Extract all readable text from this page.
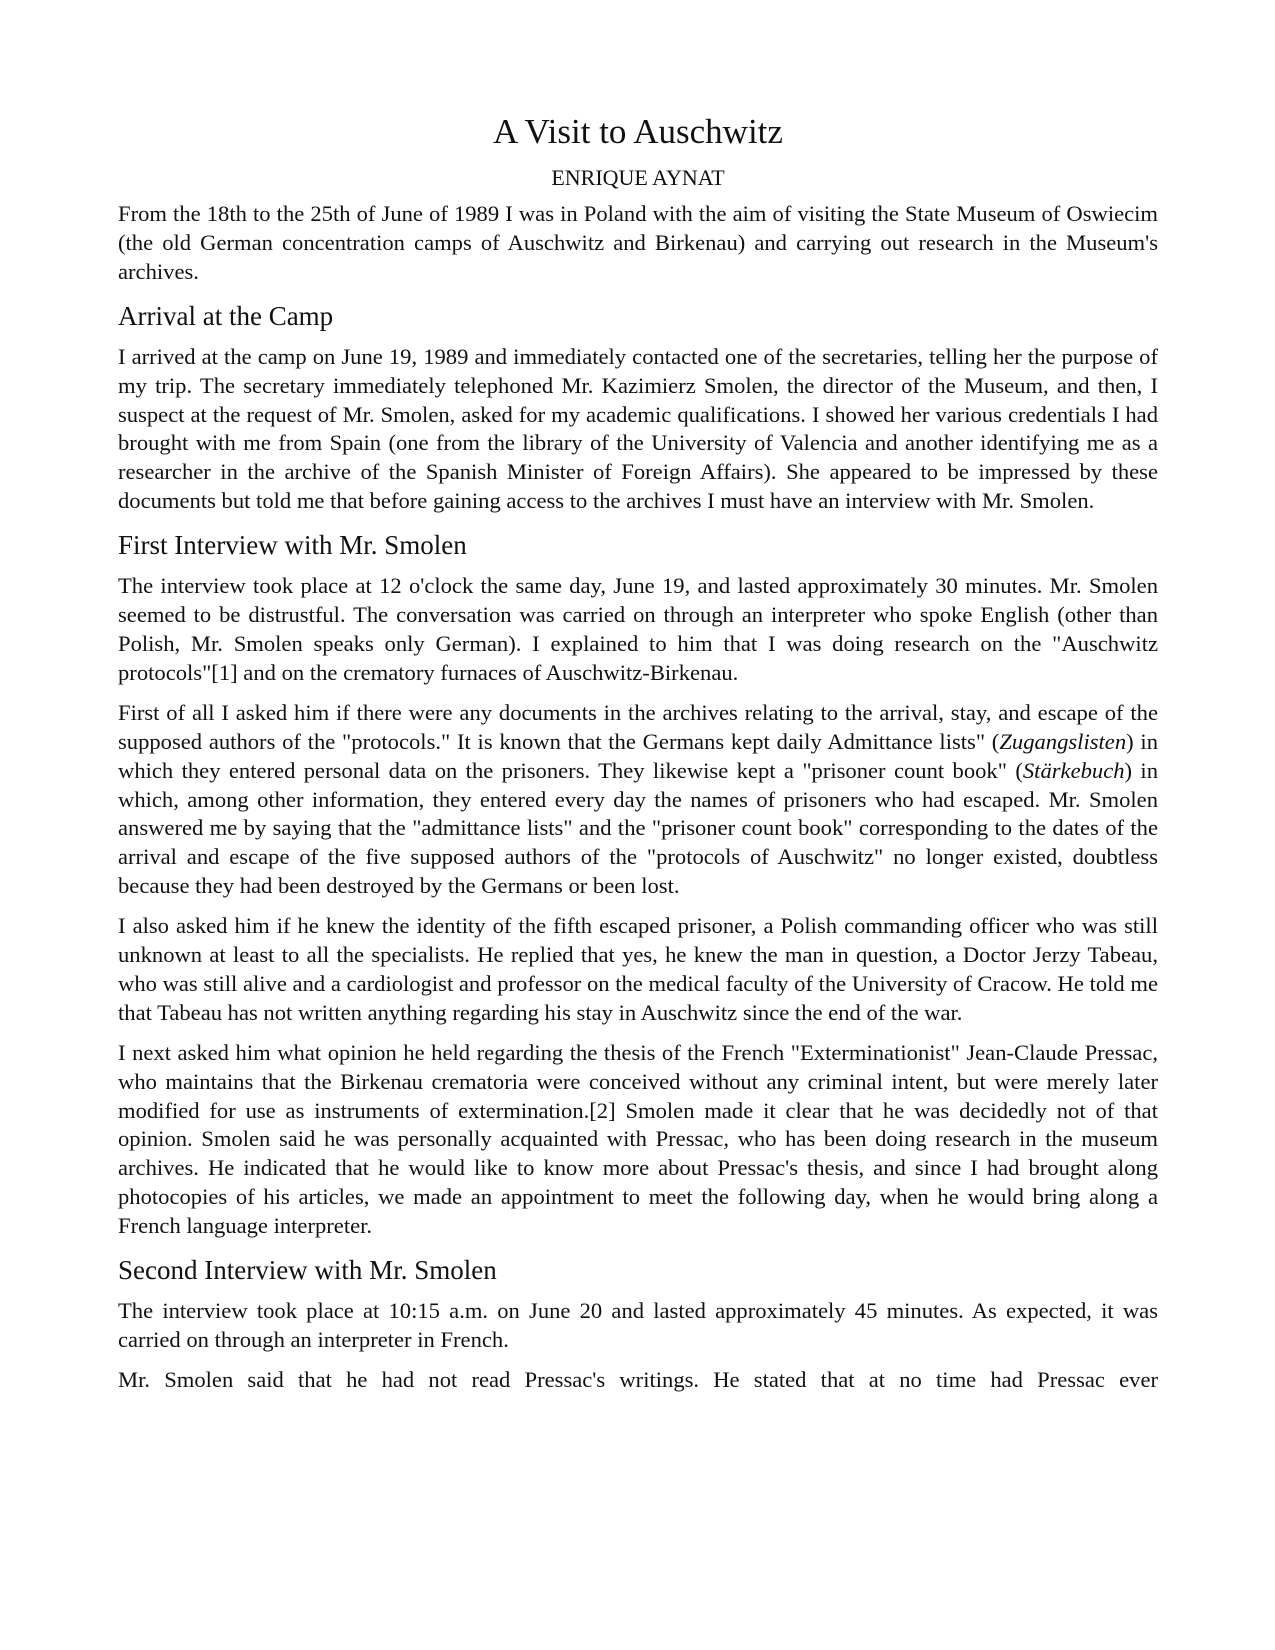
A Visit to Auschwitz
ENRIQUE AYNAT

From the 18th to the 25th of June of 1989 I was in Poland with the aim of visiting the State Museum of Oswiecim (the old German concentration camps of Auschwitz and Birkenau) and carrying out research in the Museum's archives.

Arrival at the Camp

I arrived at the camp on June 19, 1989 and immediately contacted one of the secretaries, telling her the purpose of my trip. The secretary immediately telephoned Mr. Kazimierz Smolen, the director of the Museum, and then, I suspect at the request of Mr. Smolen, asked for my academic qualifications. I showed her various credentials I had brought with me from Spain (one from the library of the University of Valencia and another identifying me as a researcher in the archive of the Spanish Minister of Foreign Affairs). She appeared to be impressed by these documents but told me that before gaining access to the archives I must have an interview with Mr. Smolen.

First Interview with Mr. Smolen

The interview took place at 12 o'clock the same day, June 19, and lasted approximately 30 minutes. Mr. Smolen seemed to be distrustful. The conversation was carried on through an interpreter who spoke English (other than Polish, Mr. Smolen speaks only German). I explained to him that I was doing research on the "Auschwitz protocols"[1] and on the crematory furnaces of Auschwitz-Birkenau.

First of all I asked him if there were any documents in the archives relating to the arrival, stay, and escape of the supposed authors of the "protocols." It is known that the Germans kept daily Admittance lists" (Zugangslisten) in which they entered personal data on the prisoners. They likewise kept a "prisoner count book" (Stärkebuch) in which, among other information, they entered every day the names of prisoners who had escaped. Mr. Smolen answered me by saying that the "admittance lists" and the "prisoner count book" corresponding to the dates of the arrival and escape of the five supposed authors of the "protocols of Auschwitz" no longer existed, doubtless because they had been destroyed by the Germans or been lost.

I also asked him if he knew the identity of the fifth escaped prisoner, a Polish commanding officer who was still unknown at least to all the specialists. He replied that yes, he knew the man in question, a Doctor Jerzy Tabeau, who was still alive and a cardiologist and professor on the medical faculty of the University of Cracow. He told me that Tabeau has not written anything regarding his stay in Auschwitz since the end of the war.

I next asked him what opinion he held regarding the thesis of the French "Exterminationist" Jean-Claude Pressac, who maintains that the Birkenau crematoria were conceived without any criminal intent, but were merely later modified for use as instruments of extermination.[2] Smolen made it clear that he was decidedly not of that opinion. Smolen said he was personally acquainted with Pressac, who has been doing research in the museum archives. He indicated that he would like to know more about Pressac's thesis, and since I had brought along photocopies of his articles, we made an appointment to meet the following day, when he would bring along a French language interpreter.

Second Interview with Mr. Smolen

The interview took place at 10:15 a.m. on June 20 and lasted approximately 45 minutes. As expected, it was carried on through an interpreter in French.

Mr. Smolen said that he had not read Pressac's writings. He stated that at no time had Pressac ever
